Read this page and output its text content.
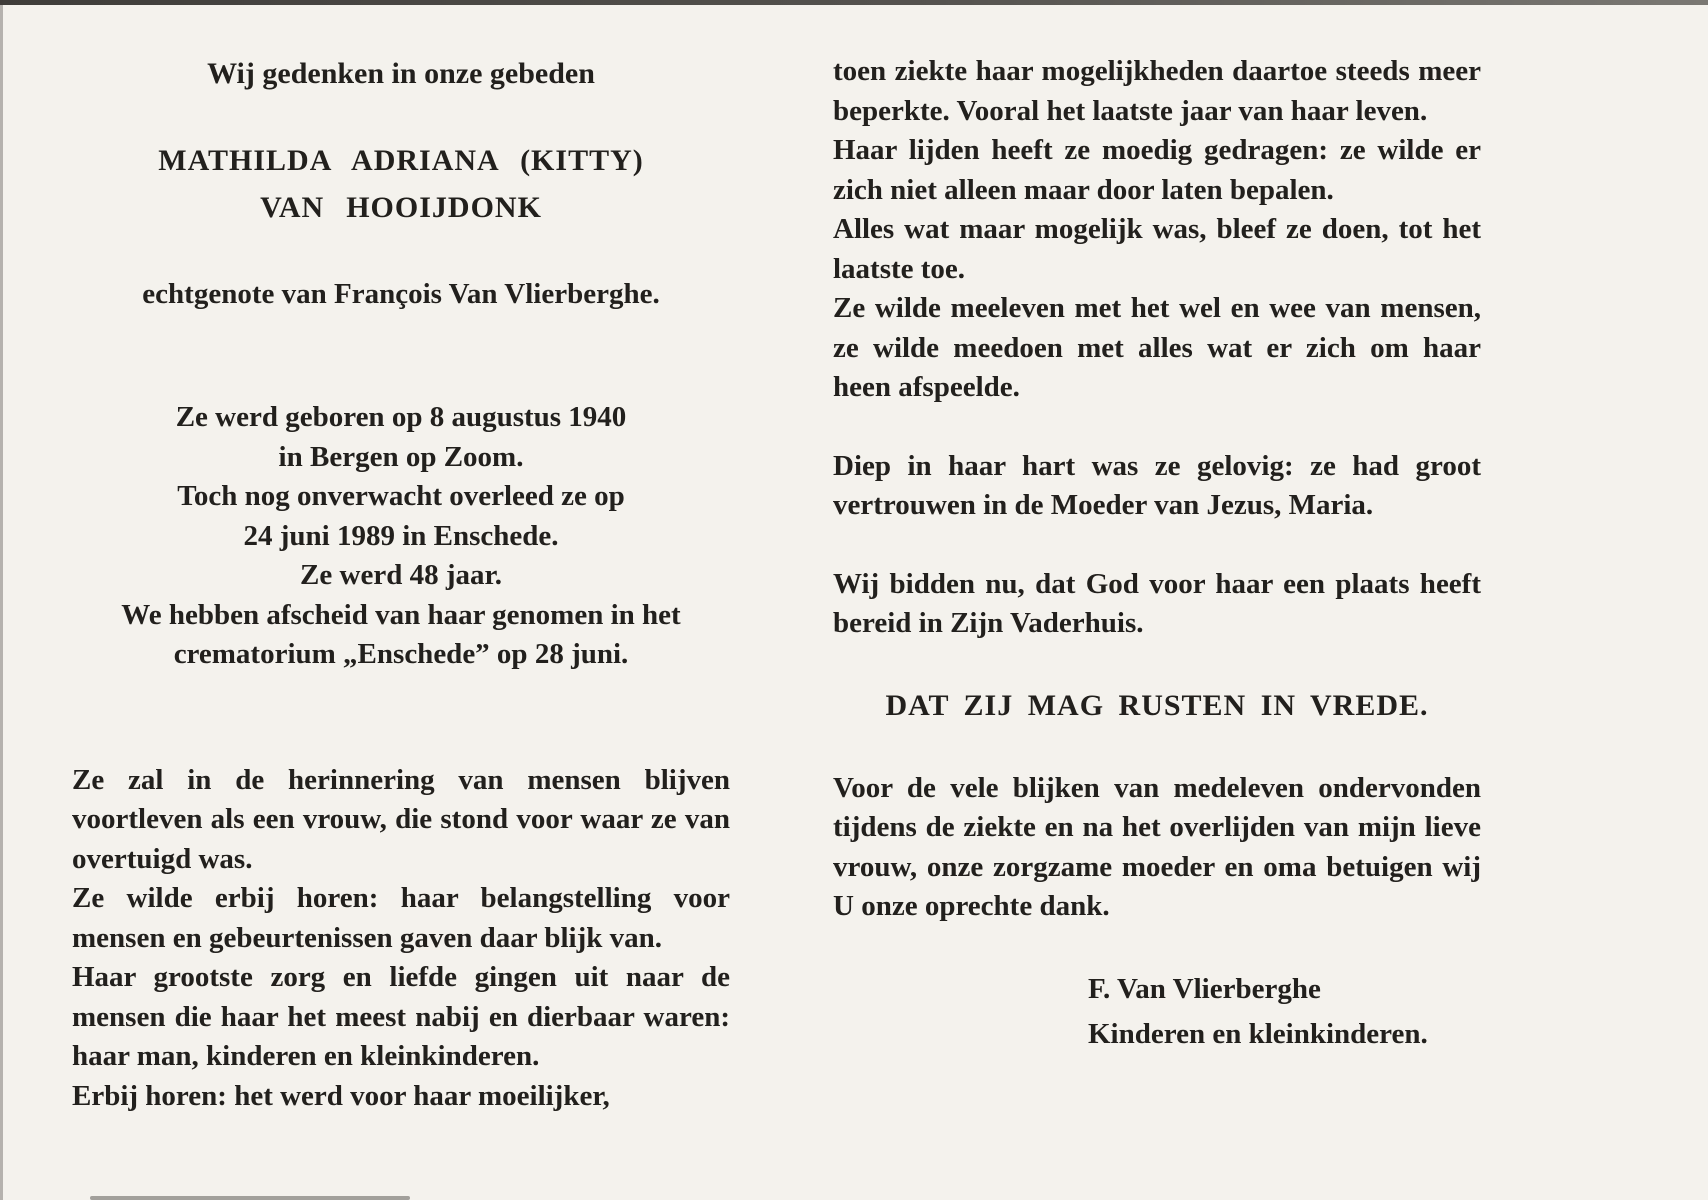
Wij gedenken in onze gebeden
MATHILDA ADRIANA (KITTY)
VAN HOOIJDONK
echtgenote van François Van Vlierberghe.
Ze werd geboren op 8 augustus 1940
in Bergen op Zoom.
Toch nog onverwacht overleed ze op
24 juni 1989 in Enschede.
Ze werd 48 jaar.
We hebben afscheid van haar genomen in het
crematorium „Enschede” op 28 juni.

Ze zal in de herinnering van mensen blijven voortleven als een vrouw, die stond voor waar ze van overtuigd was.

Ze wilde erbij horen: haar belangstelling voor mensen en gebeurtenissen gaven daar blijk van.

Haar grootste zorg en liefde gingen uit naar de mensen die haar het meest nabij en dierbaar waren: haar man, kinderen en kleinkinderen.

Erbij horen: het werd voor haar moeilijker,

toen ziekte haar mogelijkheden daartoe steeds meer beperkte. Vooral het laatste jaar van haar leven.

Haar lijden heeft ze moedig gedragen: ze wilde er zich niet alleen maar door laten bepalen.

Alles wat maar mogelijk was, bleef ze doen, tot het laatste toe.

Ze wilde meeleven met het wel en wee van mensen, ze wilde meedoen met alles wat er zich om haar heen afspeelde.

Diep in haar hart was ze gelovig: ze had groot vertrouwen in de Moeder van Jezus, Maria.
Wij bidden nu, dat God voor haar een plaats heeft bereid in Zijn Vaderhuis.
DAT ZIJ MAG RUSTEN IN VREDE.
Voor de vele blijken van medeleven ondervonden tijdens de ziekte en na het overlijden van mijn lieve vrouw, onze zorgzame moeder en oma betuigen wij U onze oprechte dank.
F. Van Vlierberghe
Kinderen en kleinkinderen.
